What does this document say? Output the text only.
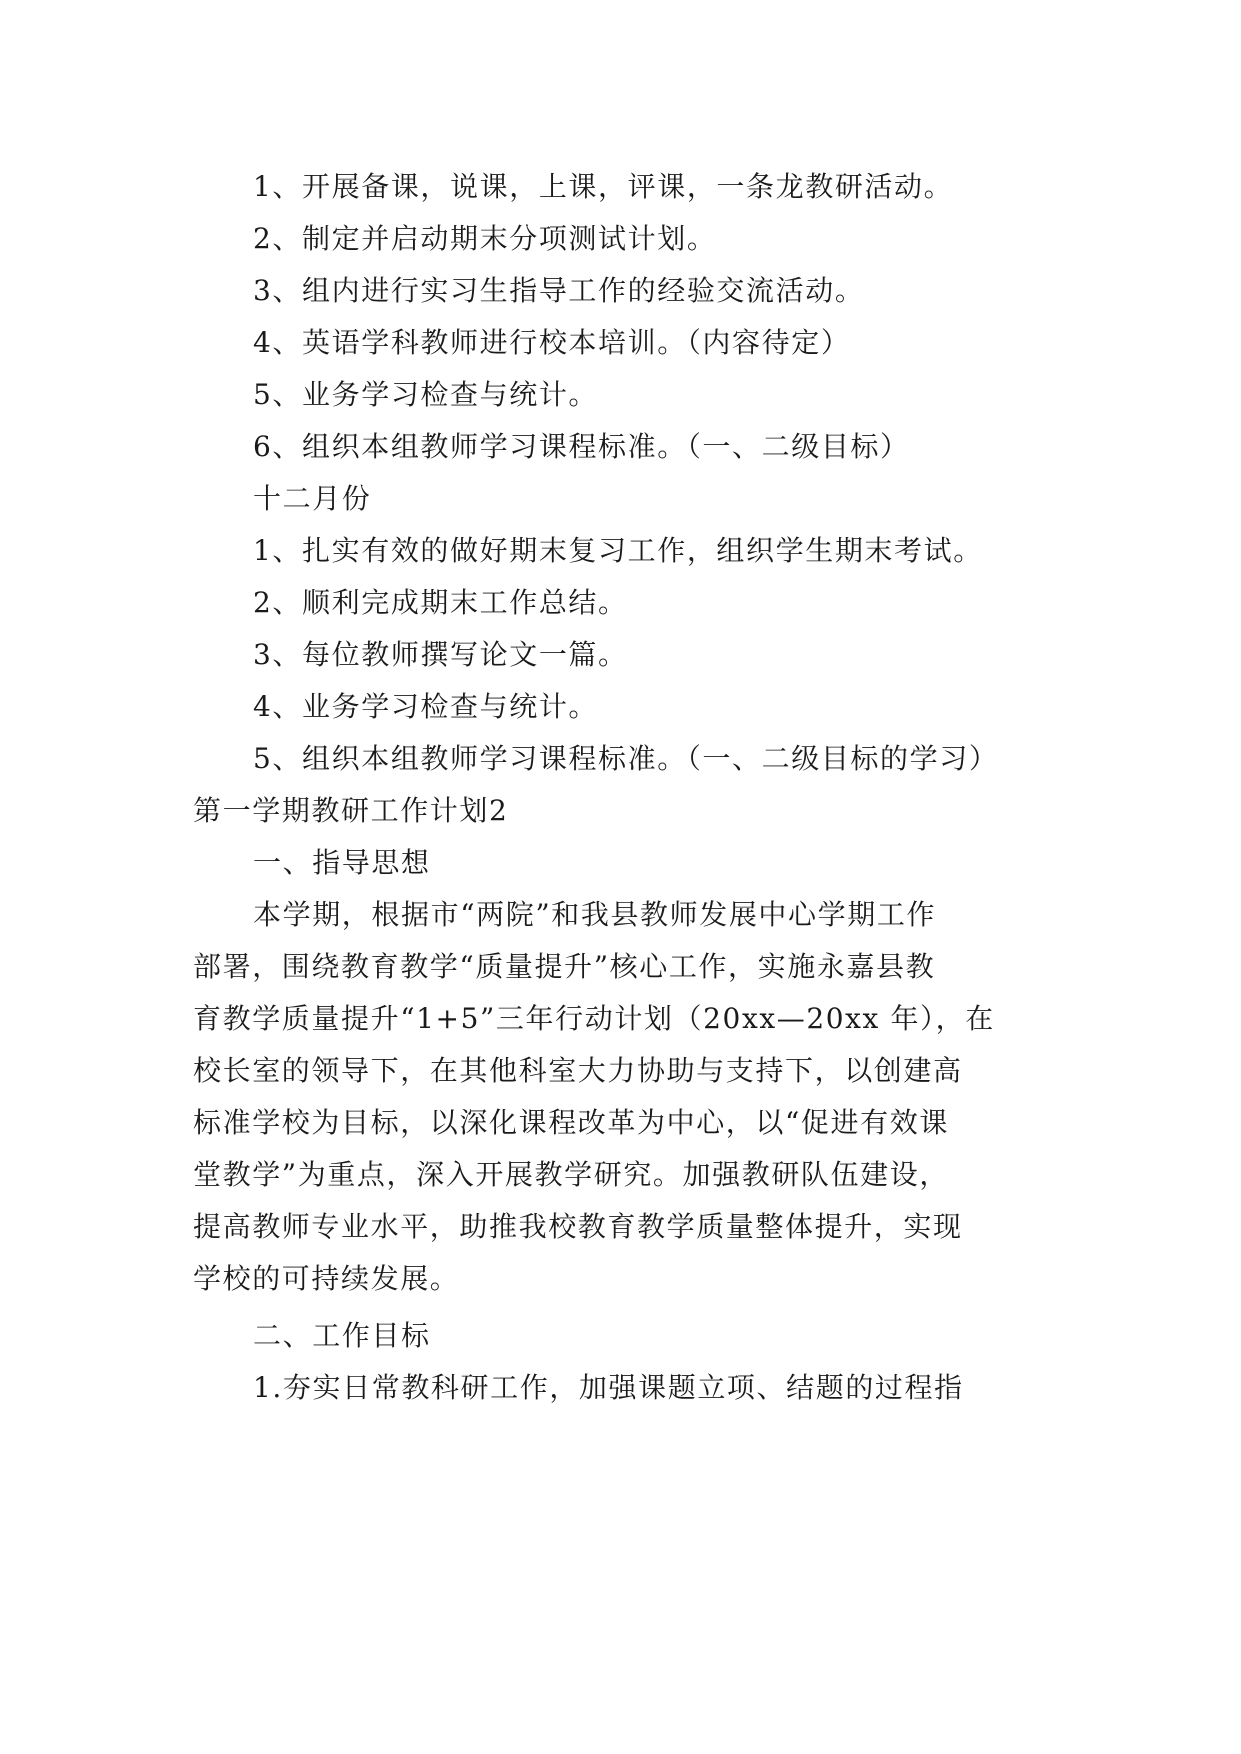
1、开展备课，说课，上课，评课，一条龙教研活动。
2、制定并启动期末分项测试计划。
3、组内进行实习生指导工作的经验交流活动。
4、英语学科教师进行校本培训。（内容待定）
5、业务学习检查与统计。
6、组织本组教师学习课程标准。（一、二级目标）
十二月份
1、扎实有效的做好期末复习工作，组织学生期末考试。
2、顺利完成期末工作总结。
3、每位教师撰写论文一篇。
4、业务学习检查与统计。
5、组织本组教师学习课程标准。（一、二级目标的学习）
第一学期教研工作计划2
一、指导思想
本学期，根据市“两院”和我县教师发展中心学期工作
部署，围绕教育教学“质量提升”核心工作，实施永嘉县教
育教学质量提升“1+5”三年行动计划（20xx—20xx 年），在
校长室的领导下，在其他科室大力协助与支持下，以创建高
标准学校为目标，以深化课程改革为中心，以“促进有效课
堂教学”为重点，深入开展教学研究。加强教研队伍建设，
提高教师专业水平，助推我校教育教学质量整体提升，实现
学校的可持续发展。
二、工作目标
1.夯实日常教科研工作，加强课题立项、结题的过程指
